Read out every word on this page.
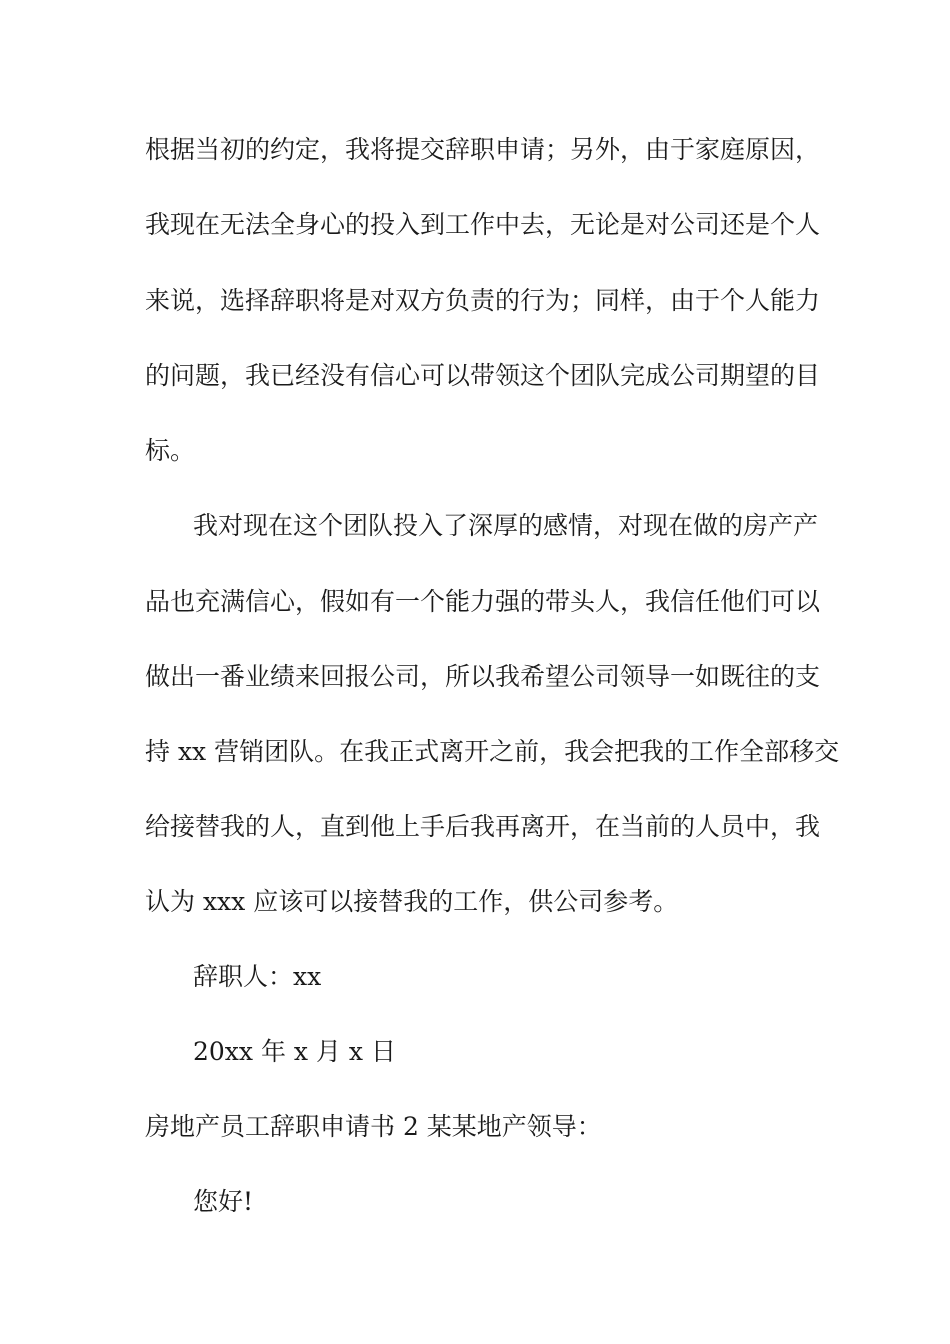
根据当初的约定，我将提交辞职申请；另外，由于家庭原因，

我现在无法全身心的投入到工作中去，无论是对公司还是个人

来说，选择辞职将是对双方负责的行为；同样，由于个人能力

的问题，我已经没有信心可以带领这个团队完成公司期望的目

标。

我对现在这个团队投入了深厚的感情，对现在做的房产产

品也充满信心，假如有一个能力强的带头人，我信任他们可以

做出一番业绩来回报公司，所以我希望公司领导一如既往的支

持 xx 营销团队。在我正式离开之前，我会把我的工作全部移交

给接替我的人，直到他上手后我再离开，在当前的人员中，我

认为 xxx 应该可以接替我的工作，供公司参考。

辞职人：xx

20xx 年 x 月 x 日

房地产员工辞职申请书 2 某某地产领导：

您好!
